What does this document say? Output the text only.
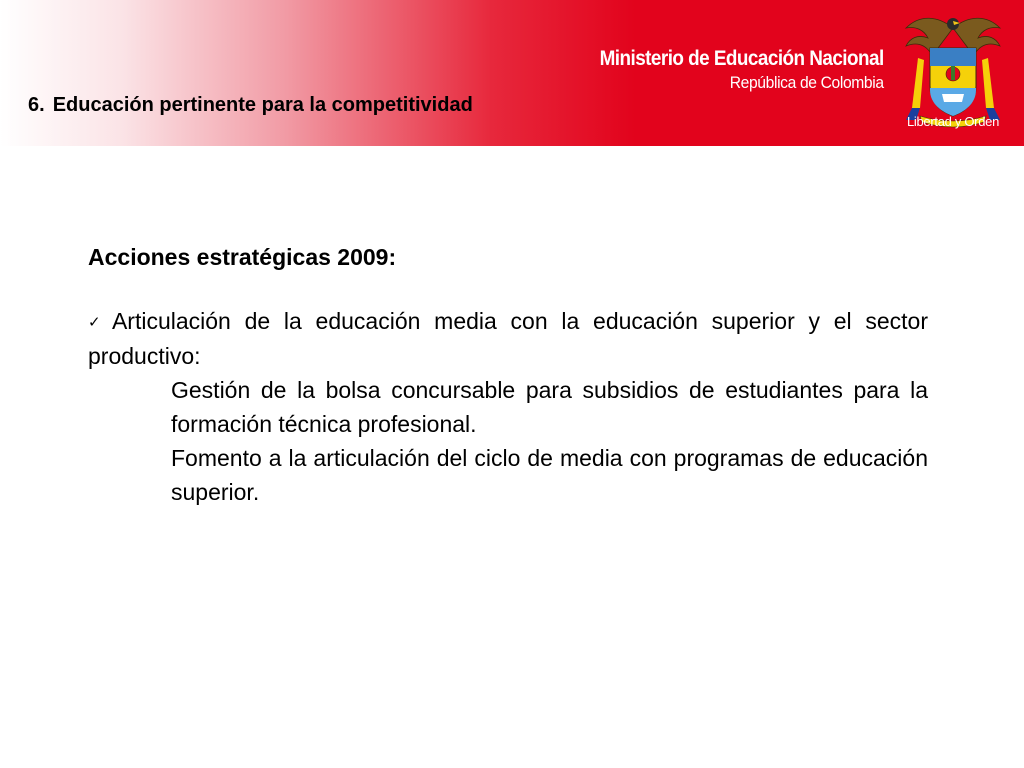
Ministerio de Educación Nacional
República de Colombia
6. Educación pertinente para la competitividad
Libertad y Orden
Acciones estratégicas 2009:

✓ Articulación de la educación media con la educación superior y el sector productivo:

Gestión de la bolsa concursable para subsidios de estudiantes para la formación técnica profesional.

Fomento a la articulación del ciclo de media con programas de educación superior.
